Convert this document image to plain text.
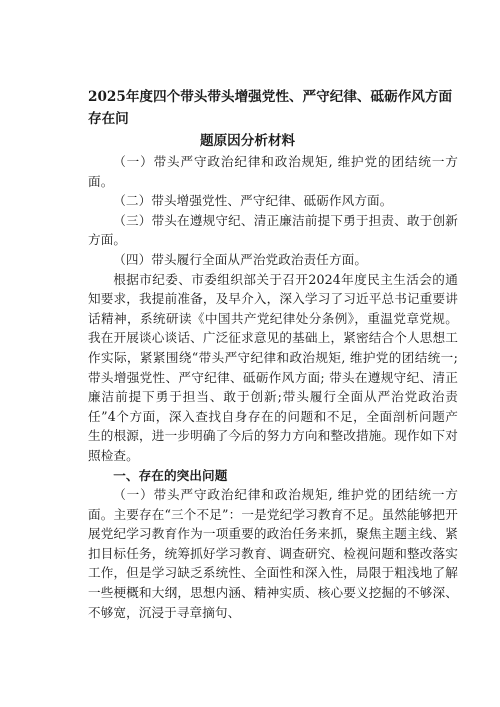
2025年度四个带头带头增强党性、严守纪律、砥砺作风方面存在问
题原因分析材料

（一）带头严守政治纪律和政治规矩, 维护党的团结统一方面。

（二）带头增强党性、严守纪律、砥砺作风方面。

（三）带头在遵规守纪、清正廉洁前提下勇于担责、敢于创新方面。

（四）带头履行全面从严治党政治责任方面。

根据市纪委、市委组织部关于召开2024年度民主生活会的通知要求，我提前准备，及早介入，深入学习了习近平总书记重要讲话精神，系统研读《中国共产党纪律处分条例》，重温党章党规。我在开展谈心谈话、广泛征求意见的基础上，紧密结合个人思想工作实际，紧紧围绕“带头严守纪律和政治规矩, 维护党的团结统一; 带头增强党性、严守纪律、砥砺作风方面; 带头在遵规守纪、清正廉洁前提下勇于担当、敢于创新;带头履行全面从严治党政治责任”4个方面，深入查找自身存在的问题和不足，全面剖析问题产生的根源，进一步明确了今后的努力方向和整改措施。现作如下对照检查。

一、存在的突出问题

（一）带头严守政治纪律和政治规矩, 维护党的团结统一方面。主要存在“三个不足”：一是党纪学习教育不足。虽然能够把开展党纪学习教育作为一项重要的政治任务来抓，聚焦主题主线、紧扣目标任务，统筹抓好学习教育、调查研究、检视问题和整改落实工作，但是学习缺乏系统性、全面性和深入性，局限于粗浅地了解一些梗概和大纲，思想内涵、精神实质、核心要义挖掘的不够深、不够宽，沉浸于寻章摘句、
